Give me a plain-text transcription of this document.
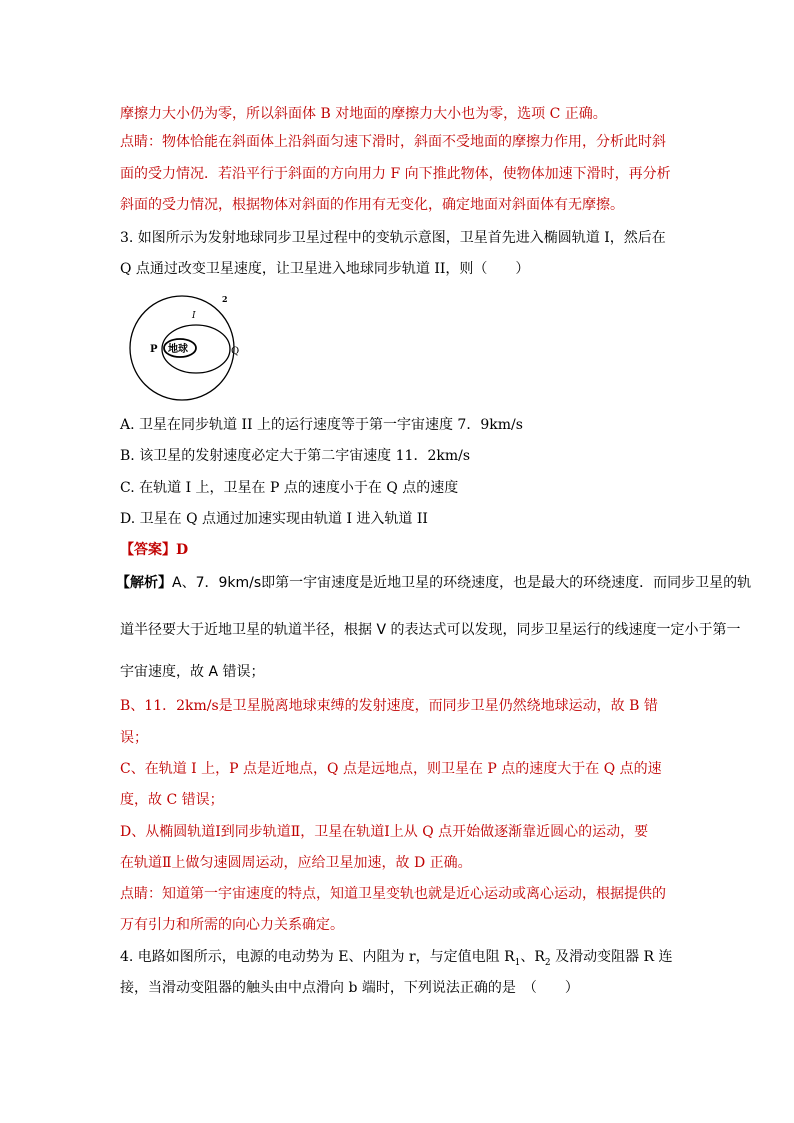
摩擦力大小仍为零，所以斜面体 B 对地面的摩擦力大小也为零，选项 C 正确。
点睛：物体恰能在斜面体上沿斜面匀速下滑时，斜面不受地面的摩擦力作用，分析此时斜
面的受力情况．若沿平行于斜面的方向用力 F 向下推此物体，使物体加速下滑时，再分析
斜面的受力情况，根据物体对斜面的作用有无变化，确定地面对斜面体有无摩擦。
3. 如图所示为发射地球同步卫星过程中的变轨示意图，卫星首先进入椭圆轨道 I，然后在
Q 点通过改变卫星速度，让卫星进入地球同步轨道 II，则（　　）
地球
P	Q
I
2
A. 卫星在同步轨道 II 上的运行速度等于第一宇宙速度 7．9km/s
B. 该卫星的发射速度必定大于第二宇宙速度 11．2km/s
C. 在轨道 I 上，卫星在 P 点的速度小于在 Q 点的速度
D. 卫星在 Q 点通过加速实现由轨道 I 进入轨道 II
【答案】D
【解析】A、7．9km/s即第一宇宙速度是近地卫星的环绕速度，也是最大的环绕速度．而同步卫星的轨
道半径要大于近地卫星的轨道半径，根据 V 的表达式可以发现，同步卫星运行的线速度一定小于第一
宇宙速度，故 A 错误；
B、11．2km/s是卫星脱离地球束缚的发射速度，而同步卫星仍然绕地球运动，故 B 错
误；
C、在轨道 I 上，P 点是近地点，Q 点是远地点，则卫星在 P 点的速度大于在 Q 点的速
度，故 C 错误；
D、从椭圆轨道Ⅰ到同步轨道Ⅱ，卫星在轨道Ⅰ上从 Q 点开始做逐渐靠近圆心的运动，要
在轨道Ⅱ上做匀速圆周运动，应给卫星加速，故 D 正确。
点睛：知道第一宇宙速度的特点，知道卫星变轨也就是近心运动或离心运动，根据提供的
万有引力和所需的向心力关系确定。
4. 电路如图所示，电源的电动势为 E、内阻为 r，与定值电阻 $R_1$、$R_2$ 及滑动变阻器 R 连
接，当滑动变阻器的触头由中点滑向 b 端时，下列说法正确的是　（　　）
